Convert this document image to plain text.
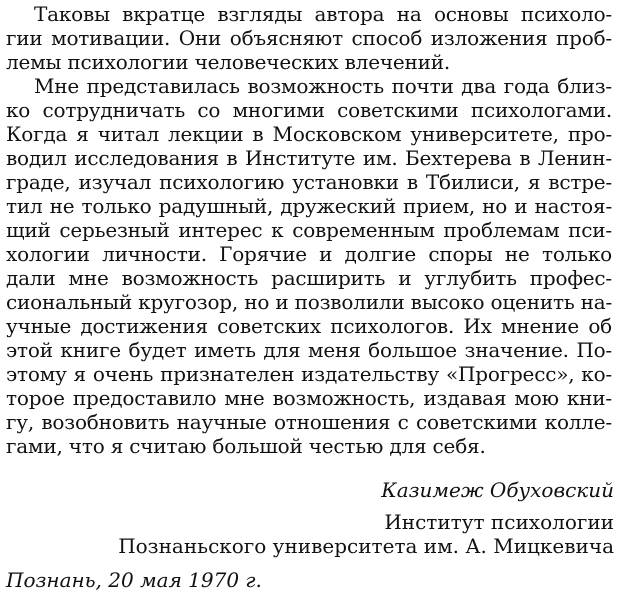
Таковы вкратце взгляды автора на основы психоло-
гии мотивации. Они объясняют способ изложения проб-
лемы психологии человеческих влечений.
Мне представилась возможность почти два года близ-
ко сотрудничать со многими советскими психологами.
Когда я читал лекции в Московском университете, про-
водил исследования в Институте им. Бехтерева в Ленин-
граде, изучал психологию установки в Тбилиси, я встре-
тил не только радушный, дружеский прием, но и настоя-
щий серьезный интерес к современным проблемам пси-
хологии личности. Горячие и долгие споры не только
дали мне возможность расширить и углубить профес-
сиональный кругозор, но и позволили высоко оценить на-
учные достижения советских психологов. Их мнение об
этой книге будет иметь для меня большое значение. По-
этому я очень признателен издательству «Прогресс», ко-
торое предоставило мне возможность, издавая мою кни-
гу, возобновить научные отношения с советскими колле-
гами, что я считаю большой честью для себя.
Казимеж Обуховский
Институт психологии
Познаньского университета им. А. Мицкевича
Познань, 20 мая 1970 г.
